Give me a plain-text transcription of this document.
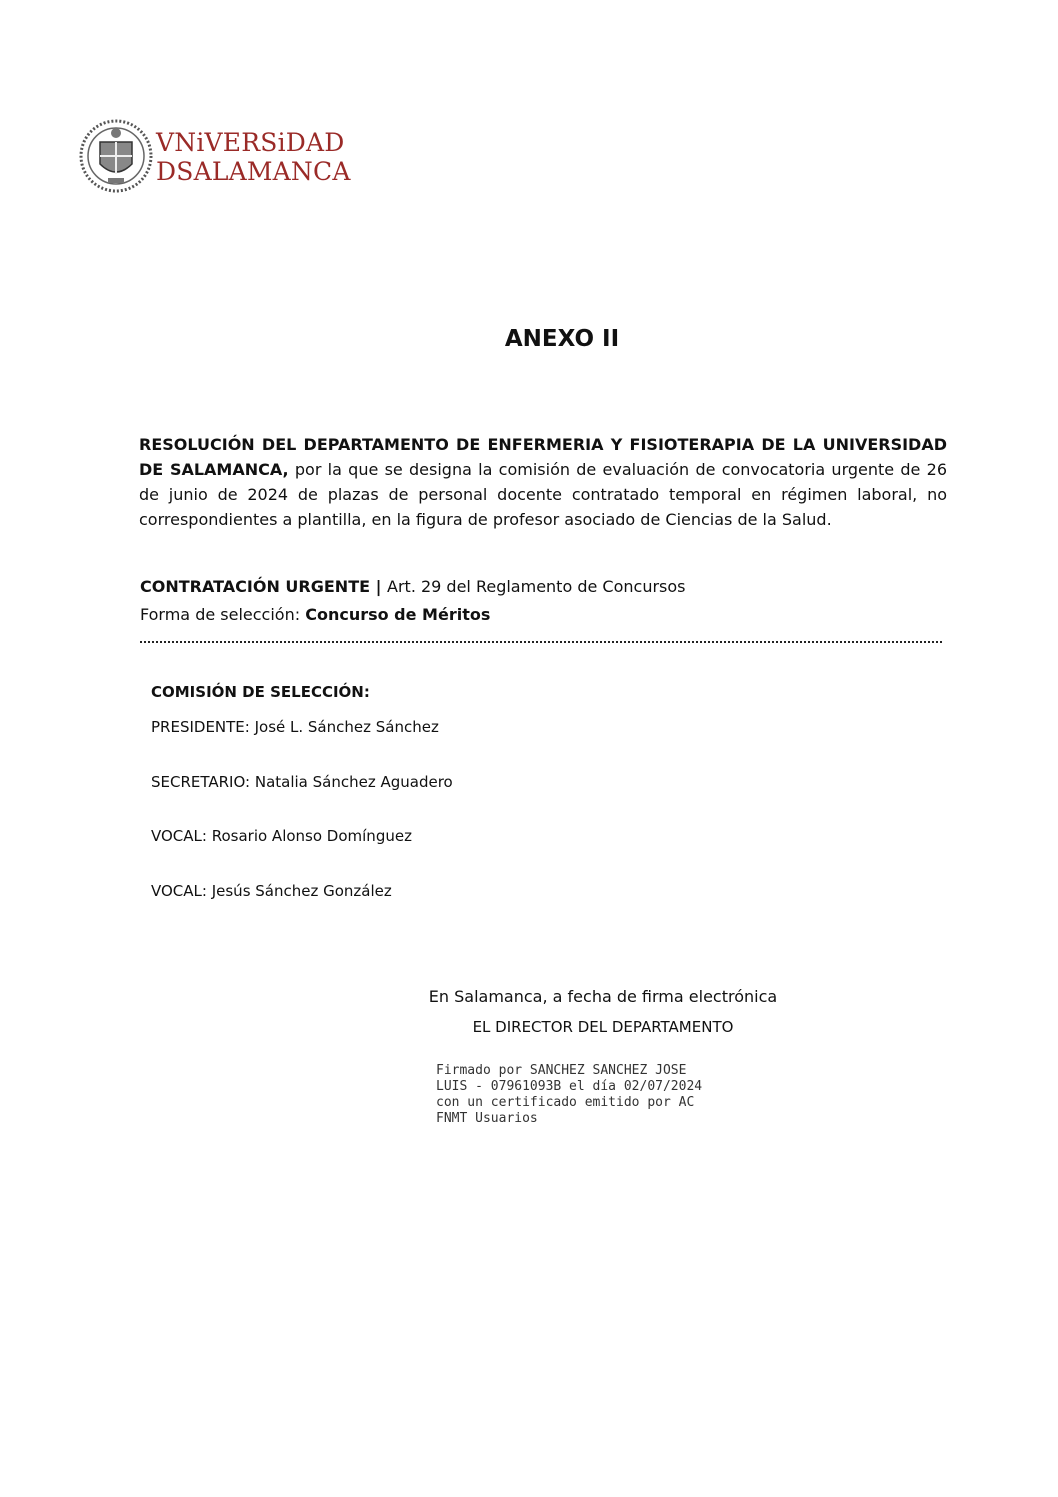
VNiVERSiDAD
DSALAMANCA
ANEXO II
RESOLUCIÓN DEL DEPARTAMENTO DE ENFERMERIA Y FISIOTERAPIA DE LA UNIVERSIDAD DE SALAMANCA, por la que se designa la comisión de evaluación de convocatoria urgente de 26 de junio de 2024 de plazas de personal docente contratado temporal en régimen laboral, no correspondientes a plantilla, en la figura de profesor asociado de Ciencias de la Salud.
CONTRATACIÓN URGENTE | Art. 29 del Reglamento de Concursos
Forma de selección: Concurso de Méritos
COMISIÓN DE SELECCIÓN:
PRESIDENTE: José L. Sánchez Sánchez
SECRETARIO: Natalia Sánchez Aguadero
VOCAL: Rosario Alonso Domínguez
VOCAL: Jesús Sánchez González
En Salamanca, a fecha de firma electrónica
EL DIRECTOR DEL DEPARTAMENTO
Firmado por SANCHEZ SANCHEZ JOSE
LUIS - 07961093B el día 02/07/2024
con un certificado emitido por AC
FNMT Usuarios
